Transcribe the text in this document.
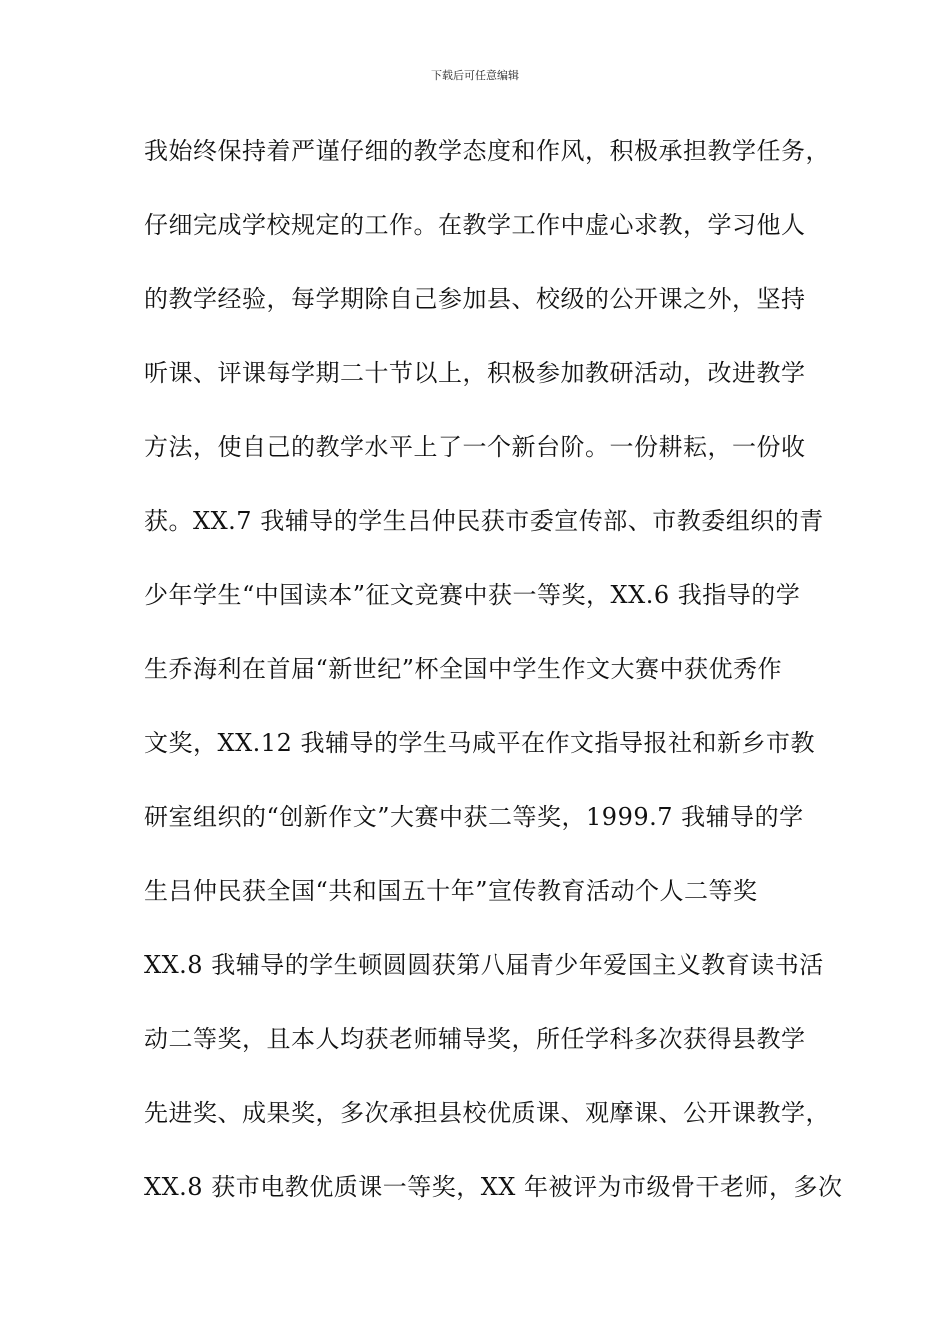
下载后可任意编辑
我始终保持着严谨仔细的教学态度和作风，积极承担教学任务，
仔细完成学校规定的工作。在教学工作中虚心求教，学习他人
的教学经验，每学期除自己参加县、校级的公开课之外，坚持
听课、评课每学期二十节以上，积极参加教研活动，改进教学
方法，使自己的教学水平上了一个新台阶。一份耕耘，一份收
获。XX.7 我辅导的学生吕仲民获市委宣传部、市教委组织的青
少年学生“中国读本”征文竞赛中获一等奖，XX.6 我指导的学
生乔海利在首届“新世纪”杯全国中学生作文大赛中获优秀作
文奖，XX.12 我辅导的学生马咸平在作文指导报社和新乡市教
研室组织的“创新作文”大赛中获二等奖，1999.7 我辅导的学
生吕仲民获全国“共和国五十年”宣传教育活动个人二等奖
XX.8 我辅导的学生顿圆圆获第八届青少年爱国主义教育读书活
动二等奖，且本人均获老师辅导奖，所任学科多次获得县教学
先进奖、成果奖，多次承担县校优质课、观摩课、公开课教学，
XX.8 获市电教优质课一等奖，XX 年被评为市级骨干老师，多次
